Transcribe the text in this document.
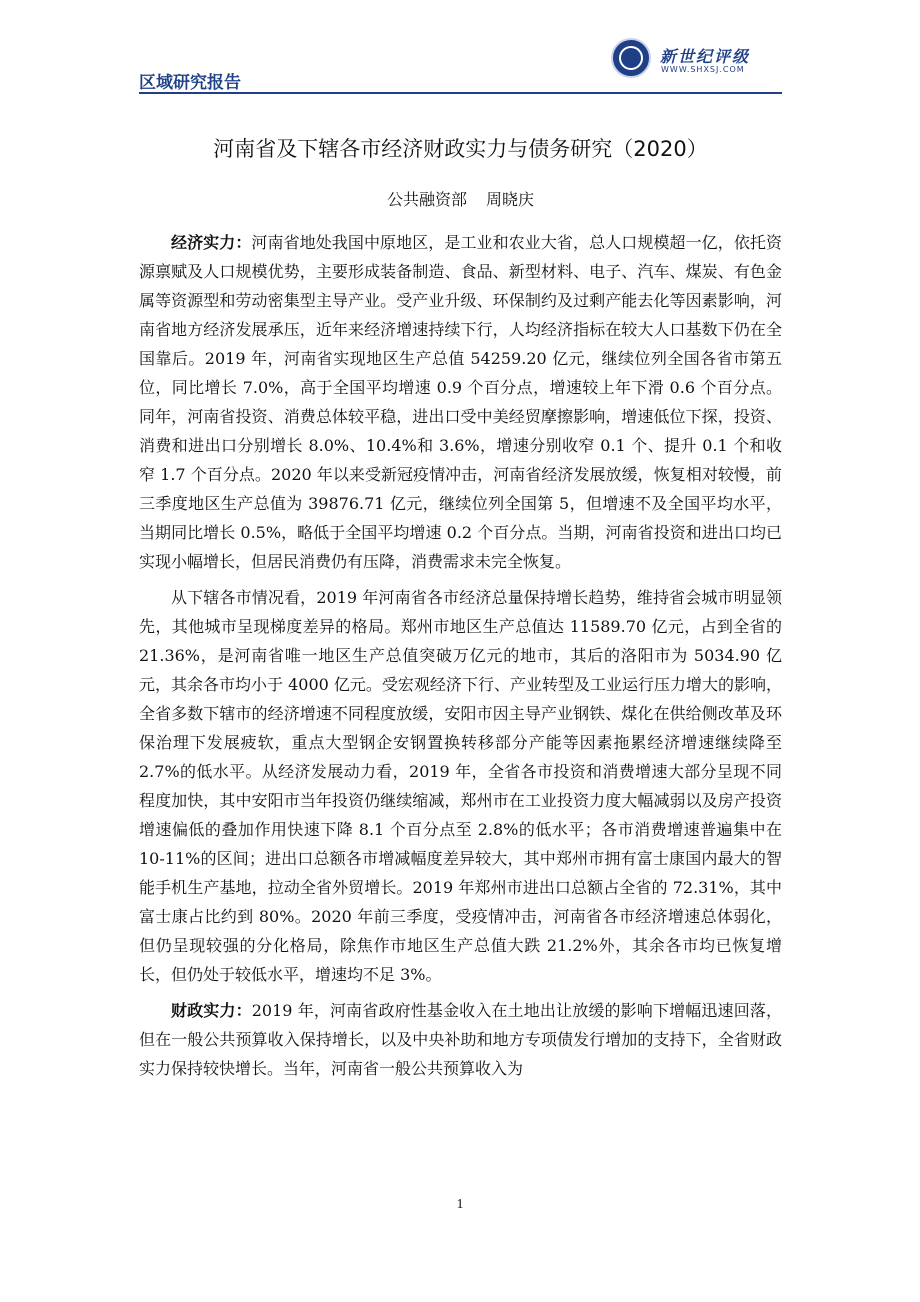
区域研究报告
新世纪评级
WWW.SHXSJ.COM
河南省及下辖各市经济财政实力与债务研究（2020）
公共融资部 周晓庆

经济实力：河南省地处我国中原地区，是工业和农业大省，总人口规模超一亿，依托资源禀赋及人口规模优势，主要形成装备制造、食品、新型材料、电子、汽车、煤炭、有色金属等资源型和劳动密集型主导产业。受产业升级、环保制约及过剩产能去化等因素影响，河南省地方经济发展承压，近年来经济增速持续下行，人均经济指标在较大人口基数下仍在全国靠后。2019 年，河南省实现地区生产总值 54259.20 亿元，继续位列全国各省市第五位，同比增长 7.0%，高于全国平均增速 0.9 个百分点，增速较上年下滑 0.6 个百分点。同年，河南省投资、消费总体较平稳，进出口受中美经贸摩擦影响，增速低位下探，投资、消费和进出口分别增长 8.0%、10.4%和 3.6%，增速分别收窄 0.1 个、提升 0.1 个和收窄 1.7 个百分点。2020 年以来受新冠疫情冲击，河南省经济发展放缓，恢复相对较慢，前三季度地区生产总值为 39876.71 亿元，继续位列全国第 5，但增速不及全国平均水平，当期同比增长 0.5%，略低于全国平均增速 0.2 个百分点。当期，河南省投资和进出口均已实现小幅增长，但居民消费仍有压降，消费需求未完全恢复。

从下辖各市情况看，2019 年河南省各市经济总量保持增长趋势，维持省会城市明显领先，其他城市呈现梯度差异的格局。郑州市地区生产总值达 11589.70 亿元，占到全省的 21.36%，是河南省唯一地区生产总值突破万亿元的地市，其后的洛阳市为 5034.90 亿元，其余各市均小于 4000 亿元。受宏观经济下行、产业转型及工业运行压力增大的影响，全省多数下辖市的经济增速不同程度放缓，安阳市因主导产业钢铁、煤化在供给侧改革及环保治理下发展疲软，重点大型钢企安钢置换转移部分产能等因素拖累经济增速继续降至 2.7%的低水平。从经济发展动力看，2019 年，全省各市投资和消费增速大部分呈现不同程度加快，其中安阳市当年投资仍继续缩减，郑州市在工业投资力度大幅减弱以及房产投资增速偏低的叠加作用快速下降 8.1 个百分点至 2.8%的低水平；各市消费增速普遍集中在 10-11%的区间；进出口总额各市增减幅度差异较大，其中郑州市拥有富士康国内最大的智能手机生产基地，拉动全省外贸增长。2019 年郑州市进出口总额占全省的 72.31%，其中富士康占比约到 80%。2020 年前三季度，受疫情冲击，河南省各市经济增速总体弱化，但仍呈现较强的分化格局，除焦作市地区生产总值大跌 21.2%外，其余各市均已恢复增长，但仍处于较低水平，增速均不足 3%。

财政实力：2019 年，河南省政府性基金收入在土地出让放缓的影响下增幅迅速回落，但在一般公共预算收入保持增长，以及中央补助和地方专项债发行增加的支持下，全省财政实力保持较快增长。当年，河南省一般公共预算收入为

1
